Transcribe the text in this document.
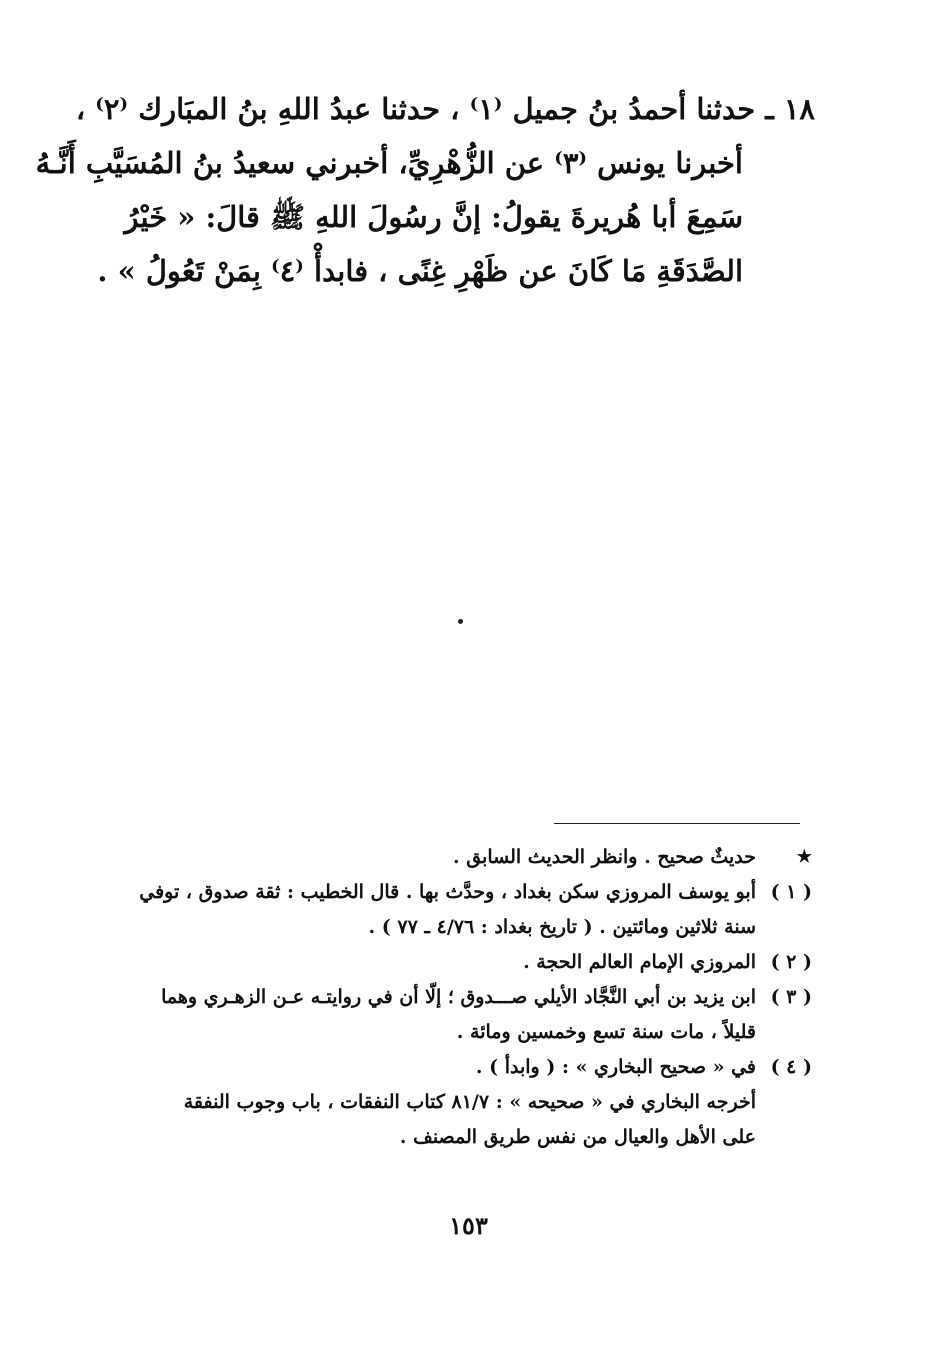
١٨ ـ حدثنا أحمدُ بنُ جميل ⁽١⁾ ، حدثنا عبدُ اللهِ بنُ المبَارك ⁽٢⁾ ،
أخبرنا يونس ⁽٣⁾ عن الزُّهْرِيِّ، أخبرني سعيدُ بنُ المُسَيَّبِ أَنَّـهُ
سَمِعَ أبا هُريرةَ يقولُ: إنَّ رسُولَ اللهِ ﷺ قالَ: « خَيْرُ
الصَّدَقَةِ مَا كَانَ عن ظَهْرِ غِنًى ، فابدأْ ⁽٤⁾ بِمَنْ تَعُولُ » .
★
حديثٌ صحيح . وانظر الحديث السابق .
( ١ )
أبو يوسف المروزي سكن بغداد ، وحدَّث بها . قال الخطيب : ثقة صدوق ، توفي
سنة ثلاثين ومائتين . ( تاريخ بغداد : ٤/٧٦ ـ ٧٧ ) .
( ٢ )
المروزي الإمام العالم الحجة .
( ٣ )
ابن يزيد بن أبي النَّجَّاد الأيلي صـــدوق ؛ إلّا أن في روايتـه عـن الزهـري وهما
قليلاً ، مات سنة تسع وخمسين ومائة .
( ٤ )
في « صحيح البخاري » : ( وابدأ ) .
أخرجه البخاري في « صحيحه » : ٨١/٧ كتاب النفقات ، باب وجوب النفقة
على الأهل والعيال من نفس طريق المصنف .
١٥٣
